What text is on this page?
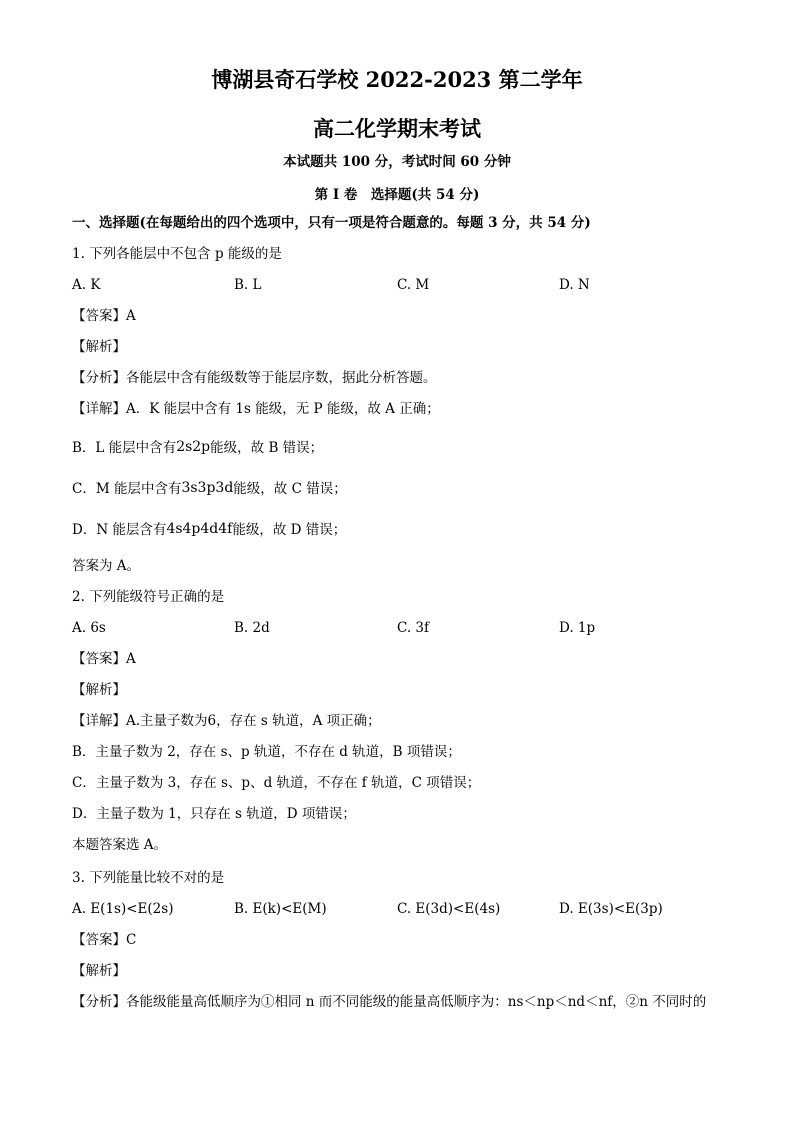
博湖县奇石学校 2022-2023 第二学年
高二化学期末考试
本试题共 100 分，考试时间 60 分钟
第 I 卷　选择题(共 54 分)
一、选择题(在每题给出的四个选项中，只有一项是符合题意的。每题 3 分，共 54 分)
1. 下列各能层中不包含 p 能级的是
A. K	B. L	C. M	D. N
【答案】A
【解析】
【分析】各能层中含有能级数等于能层序数，据此分析答题。
【详解】A．K 能层中含有 1s 能级，无 P 能级，故 A 正确；
B．L 能层中含有2s2p能级，故 B 错误；
C．M 能层中含有3s3p3d能级，故 C 错误；
D．N 能层含有4s4p4d4f能级，故 D 错误；
答案为 A。
2. 下列能级符号正确的是
A. 6s	B. 2d	C. 3f	D. 1p
【答案】A
【解析】
【详解】A.主量子数为6，存在 s 轨道，A 项正确；
B．主量子数为 2，存在 s、p 轨道，不存在 d 轨道，B 项错误；
C．主量子数为 3，存在 s、p、d 轨道，不存在 f 轨道，C 项错误；
D．主量子数为 1，只存在 s 轨道，D 项错误；
本题答案选 A。
3. 下列能量比较不对的是
A. E(1s)<E(2s)	B. E(k)<E(M)	C. E(3d)<E(4s)	D. E(3s)<E(3p)
【答案】C
【解析】
【分析】各能级能量高低顺序为①相同 n 而不同能级的能量高低顺序为：ns＜np＜nd＜nf，②n 不同时的
